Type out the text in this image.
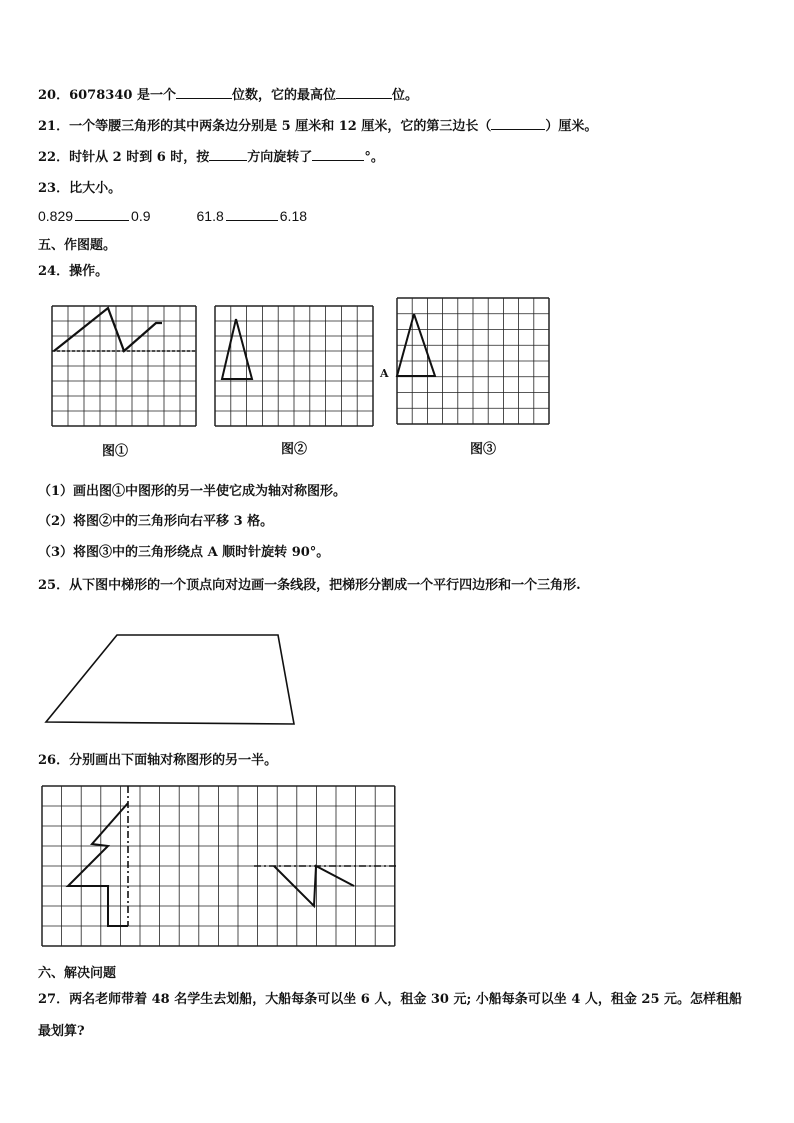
20．6078340 是一个	位数，它的最高位	位。
21．一个等腰三角形的其中两条边分别是 5 厘米和 12 厘米，它的第三边长（	）厘米。
22．时针从 2 时到 6 时，按	方向旋转了	°。
23．比大小。
0.829	0.9	61.8	6.18
五、作图题。
24．操作。
A
图①	图②	图③
（1）画出图①中图形的另一半使它成为轴对称图形。
（2）将图②中的三角形向右平移 3 格。
（3）将图③中的三角形绕点 A 顺时针旋转 90°。
25．从下图中梯形的一个顶点向对边画一条线段，把梯形分割成一个平行四边形和一个三角形.
26．分别画出下面轴对称图形的另一半。
六、解决问题
27．两名老师带着 48 名学生去划船，大船每条可以坐 6 人，租金 30 元; 小船每条可以坐 4 人，租金 25 元。怎样租船
最划算?
